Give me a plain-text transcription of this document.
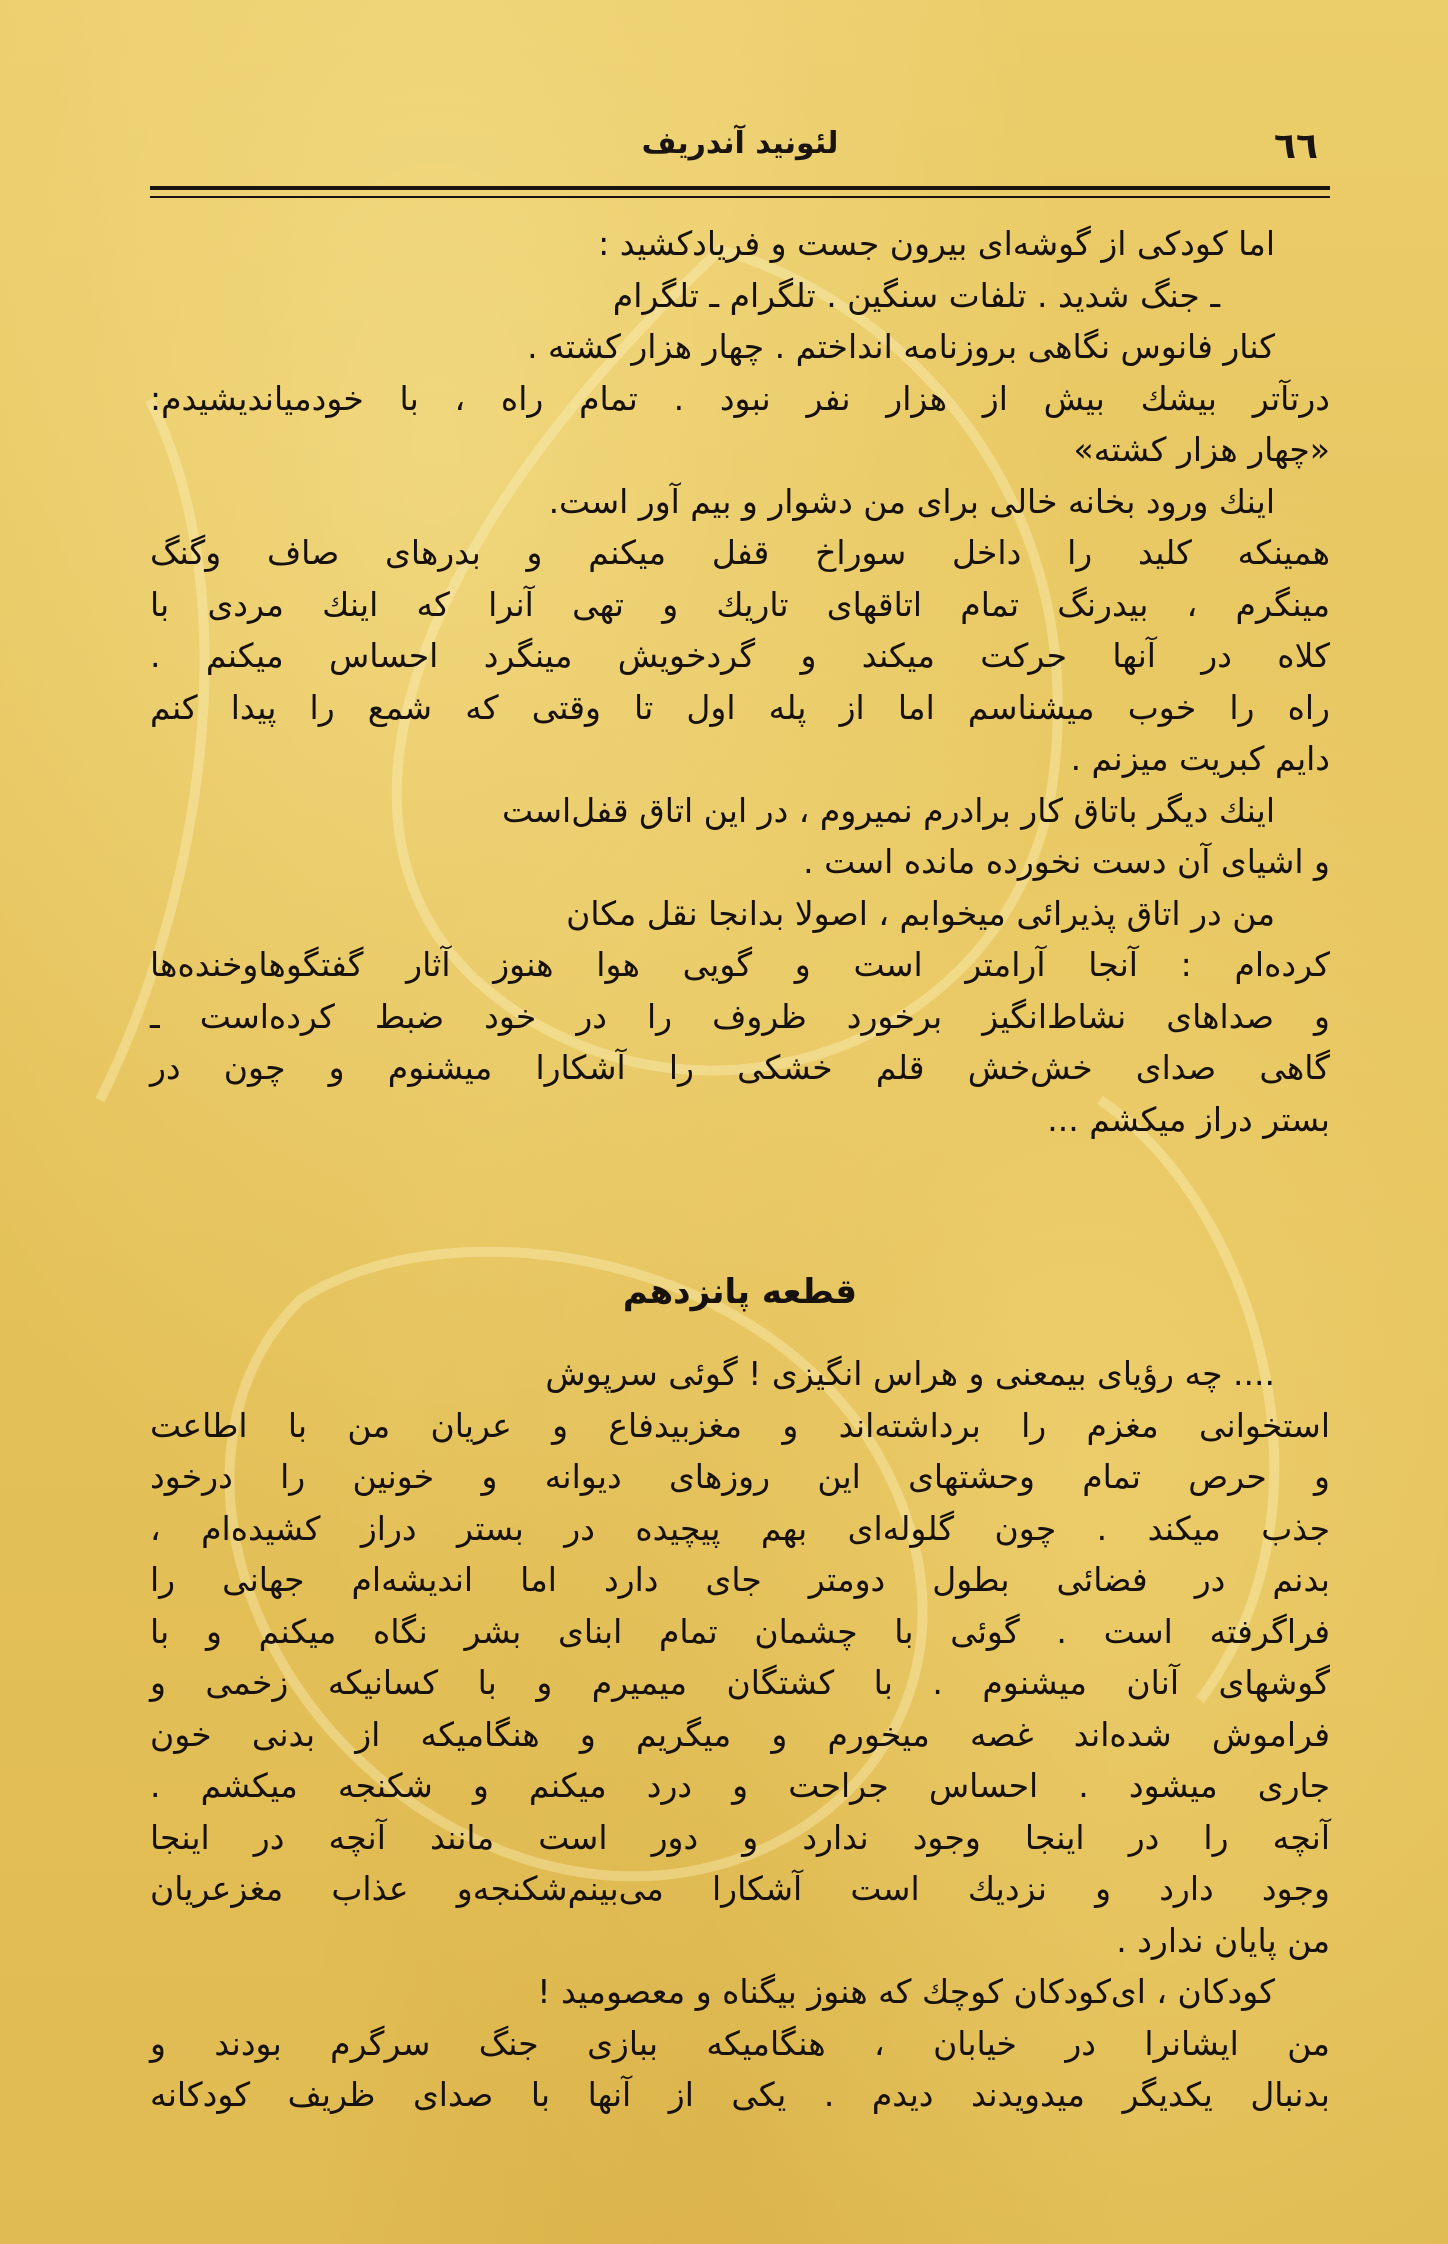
٦٦
لئونید آندریف
اما کودکی از گوشه‌ای بیرون جست و فریادکشید :
ـ جنگ شدید . تلفات سنگین . تلگرام ـ تلگرام
کنار فانوس نگاهی بروزنامه انداختم . چهار هزار کشته .
درتآتر بیشك بیش از هزار نفر نبود . تمام راه ، با خودمیاندیشیدم:
«چهار هزار کشته»
اینك ورود بخانه خالی برای من دشوار و بیم آور است.
همینکه کلید را داخل سوراخ قفل میکنم و بدرهای صاف وگنگ
مینگرم ، بیدرنگ تمام اتاقهای تاریك و تهی آنرا که اینك مردی با
کلاه در آنها حرکت میکند و گردخویش مینگرد احساس میکنم .
راه را خوب میشناسم اما از پله اول تا وقتی که شمع را پیدا کنم
دایم کبریت میزنم .
اینك دیگر باتاق کار برادرم نمیروم ، در این اتاق قفل‌است
و اشیای آن دست نخورده مانده است .
من در اتاق پذیرائی میخوابم ، اصولا بدانجا نقل مکان
کرده‌ام : آنجا آرامتر است و گویی هوا هنوز آثار گفتگوهاوخنده‌ها
و صداهای نشاط‌انگیز برخورد ظروف را در خود ضبط کرده‌است ـ
گاهی صدای خش‌خش قلم خشکی را آشکارا میشنوم و چون در
بستر دراز میکشم ...
قطعه پانزدهم
.... چه رؤیای بیمعنی و هراس انگیزی ! گوئی سرپوش
استخوانی مغزم را برداشته‌اند و مغزبیدفاع و عریان من با اطاعت
و حرص تمام وحشتهای این روزهای دیوانه و خونین را درخود
جذب میکند . چون گلوله‌ای بهم پیچیده در بستر دراز کشیده‌ام ،
بدنم در فضائی بطول دومتر جای دارد اما اندیشه‌ام جهانی را
فراگرفته است . گوئی با چشمان تمام ابنای بشر نگاه میکنم و با
گوشهای آنان میشنوم . با کشتگان میمیرم و با کسانیکه زخمی و
فراموش شده‌اند غصه میخورم و میگریم و هنگامیکه از بدنی خون
جاری میشود . احساس جراحت و درد میکنم و شکنجه میکشم .
آنچه را در اینجا وجود ندارد و دور است مانند آنچه در اینجا
وجود دارد و نزدیك است آشکارا می‌بینم‌شکنجه‌و عذاب مغزعریان
من پایان ندارد .
کودکان ، ای‌کودکان کوچك که هنوز بیگناه و معصومید !
من ایشانرا در خیابان ، هنگامیکه ببازی جنگ سرگرم بودند و
بدنبال یکدیگر میدویدند دیدم . یکی از آنها با صدای ظریف کودکانه
